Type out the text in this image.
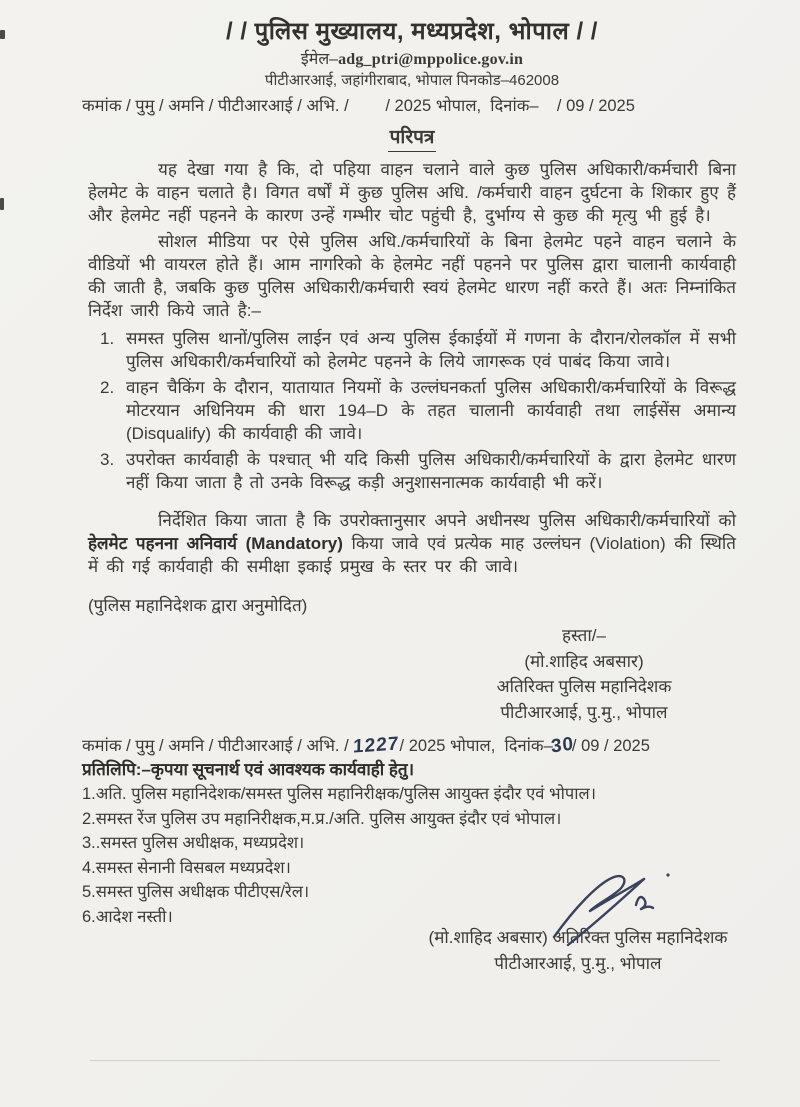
/ / पुलिस मुख्यालय, मध्यप्रदेश, भोपाल / /
ईमेल–adg_ptri@mppolice.gov.in
पीटीआरआई, जहांगीराबाद, भोपाल पिनकोड–462008
कमांक / पुमु / अमनि / पीटीआरआई / अभि. /        / 2025 भोपाल,  दिनांक–    / 09 / 2025
परिपत्र

यह देखा गया है कि, दो पहिया वाहन चलाने वाले कुछ पुलिस अधिकारी/कर्मचारी बिना हेलमेट के वाहन चलाते है। विगत वर्षों में कुछ पुलिस अधि. /कर्मचारी वाहन दुर्घटना के शिकार हुए हैं और हेलमेट नहीं पहनने के कारण उन्हें गम्भीर चोट पहुंची है, दुर्भाग्य से कुछ की मृत्यु भी हुई है।

सोशल मीडिया पर ऐसे पुलिस अधि./कर्मचारियों के बिना हेलमेट पहने वाहन चलाने के वीडियों भी वायरल होते हैं। आम नागरिको के हेलमेट नहीं पहनने पर पुलिस द्वारा चालानी कार्यवाही की जाती है, जबकि कुछ पुलिस अधिकारी/कर्मचारी स्वयं हेलमेट धारण नहीं करते हैं। अतः निम्नांकित निर्देश जारी किये जाते है:–

1. समस्त पुलिस थानों/पुलिस लाईन एवं अन्य पुलिस ईकाईयों में गणना के दौरान/रोलकॉल में सभी पुलिस अधिकारी/कर्मचारियों को हेलमेट पहनने के लिये जागरूक एवं पाबंद किया जावे।
2. वाहन चैकिंग के दौरान, यातायात नियमों के उल्लंघनकर्ता पुलिस अधिकारी/कर्मचारियों के विरूद्ध मोटरयान अधिनियम की धारा 194–D के तहत चालानी कार्यवाही तथा लाईसेंस अमान्य (Disqualify) की कार्यवाही की जावे।
3. उपरोक्त कार्यवाही के पश्चात् भी यदि किसी पुलिस अधिकारी/कर्मचारियों के द्वारा हेलमेट धारण नहीं किया जाता है तो उनके विरूद्ध कड़ी अनुशासनात्मक कार्यवाही भी करें।

निर्देशित किया जाता है कि उपरोक्तानुसार अपने अधीनस्थ पुलिस अधिकारी/कर्मचारियों को हेलमेट पहनना अनिवार्य (Mandatory) किया जावे एवं प्रत्येक माह उल्लंघन (Violation) की स्थिति में की गई कार्यवाही की समीक्षा इकाई प्रमुख के स्तर पर की जावे।

(पुलिस महानिदेशक द्वारा अनुमोदित)
हस्ता/–
(मो.शाहिद अबसार)
अतिरिक्त पुलिस महानिदेशक
पीटीआरआई, पु.मु., भोपाल
कमांक / पुमु / अमनि / पीटीआरआई / अभि. / 1227/ 2025 भोपाल,  दिनांक–30/ 09 / 2025
प्रतिलिपि:–कृपया सूचनार्थ एवं आवश्यक कार्यवाही हेतु।
1.अति. पुलिस महानिदेशक/समस्त पुलिस महानिरीक्षक/पुलिस आयुक्त इंदौर एवं भोपाल।
2.समस्त रेंज पुलिस उप महानिरीक्षक,म.प्र./अति. पुलिस आयुक्त इंदौर एवं भोपाल।
3..समस्त पुलिस अधीक्षक, मध्यप्रदेश।
4.समस्त सेनानी विसबल मध्यप्रदेश।
5.समस्त पुलिस अधीक्षक पीटीएस/रेल।
6.आदेश नस्ती।
(मो.शाहिद अबसार) अतिरिक्त पुलिस महानिदेशक पीटीआरआई, पु.मु., भोपाल
